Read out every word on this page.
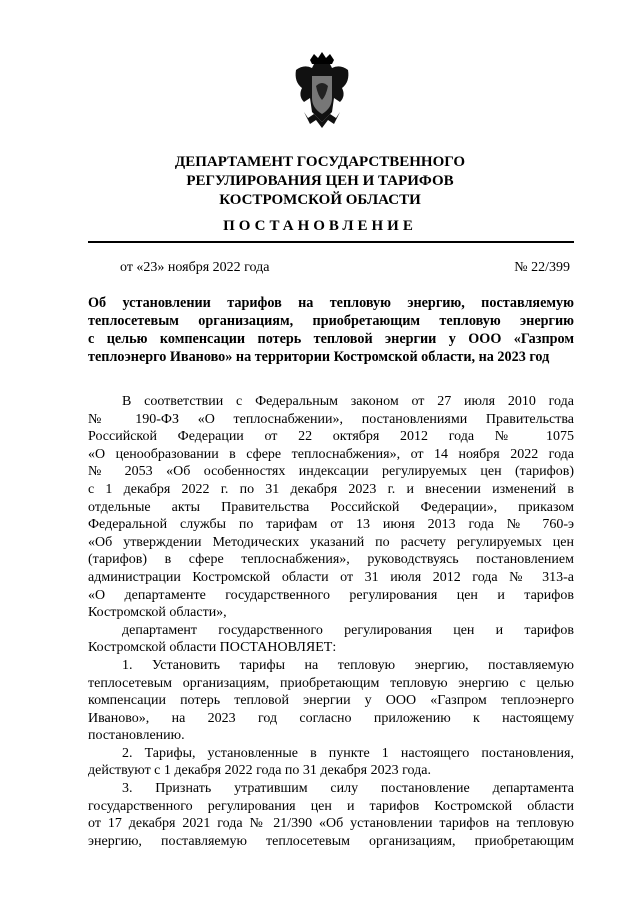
ДЕПАРТАМЕНТ ГОСУДАРСТВЕННОГО
РЕГУЛИРОВАНИЯ ЦЕН И ТАРИФОВ
КОСТРОМСКОЙ ОБЛАСТИ
ПОСТАНОВЛЕНИЕ
от «23» ноября 2022 года	№ 22/399
Об установлении тарифов на тепловую энергию, поставляемую
теплосетевым организациям, приобретающим тепловую энергию
с целью компенсации потерь тепловой энергии у ООО «Газпром
теплоэнерго Иваново» на территории Костромской области, на 2023 год
В соответствии с Федеральным законом от 27 июля 2010 года
№ 190-ФЗ «О теплоснабжении», постановлениями Правительства
Российской Федерации от 22 октября 2012 года № 1075
«О ценообразовании в сфере теплоснабжения», от 14 ноября 2022 года
№ 2053 «Об особенностях индексации регулируемых цен (тарифов)
с 1 декабря 2022 г. по 31 декабря 2023 г. и внесении изменений в
отдельные акты Правительства Российской Федерации», приказом
Федеральной службы по тарифам от 13 июня 2013 года № 760-э
«Об утверждении Методических указаний по расчету регулируемых цен
(тарифов) в сфере теплоснабжения», руководствуясь постановлением
администрации Костромской области от 31 июля 2012 года № 313-а
«О департаменте государственного регулирования цен и тарифов
Костромской области»,
департамент государственного регулирования цен и тарифов
Костромской области ПОСТАНОВЛЯЕТ:
1. Установить тарифы на тепловую энергию, поставляемую
теплосетевым организациям, приобретающим тепловую энергию с целью
компенсации потерь тепловой энергии у ООО «Газпром теплоэнерго
Иваново», на 2023 год согласно приложению к настоящему
постановлению.
2. Тарифы, установленные в пункте 1 настоящего постановления,
действуют с 1 декабря 2022 года по 31 декабря 2023 года.
3. Признать утратившим силу постановление департамента
государственного регулирования цен и тарифов Костромской области
от 17 декабря 2021 года № 21/390 «Об установлении тарифов на тепловую
энергию, поставляемую теплосетевым организациям, приобретающим
